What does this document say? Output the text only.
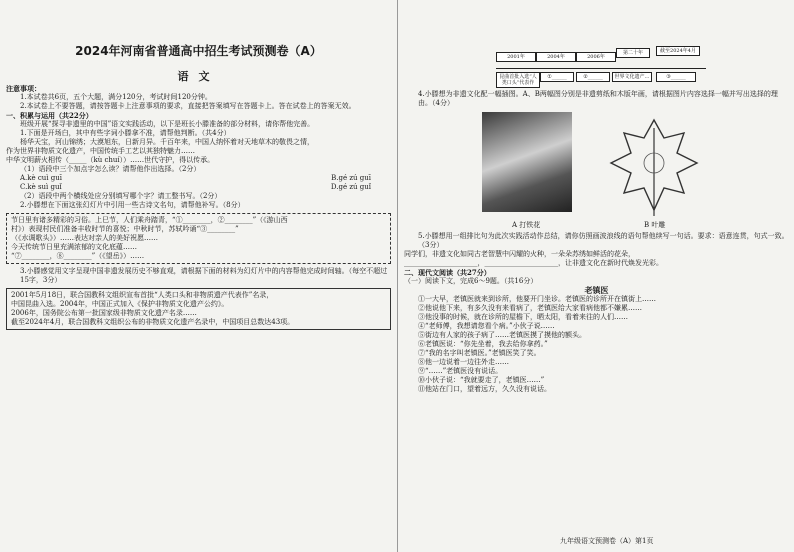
2024年河南省普通高中招生考试预测卷（A）
语文

注意事项：

1.本试卷共6页，五个大题，满分120分，考试时间120分钟。

2.本试卷上不要答题，请按答题卡上注意事项的要求，直接把答案填写在答题卡上。答在试卷上的答案无效。

一、积累与运用（共22分）

班级开展“探寻非遗里的中国”语文实践活动，以下是班长小滕准备的部分材料，请你帮他完善。

1.下面是开场白，其中有些字词小滕拿不准，请帮他判断。（共4分）

杨华天宝，河山锦绣；大漠旭东，日新月异。千百年来，中国人纳怀着对天地草木的敬畏之情，

作为世界非物质文化遗产，中国传统手工艺以其独特魅力……

中华文明薪火相传（_____（kù chuí））……世代守护，得以传承。

（1）语段中三个加点字怎么读？请帮他作出选择。（2分）

A.kè cuì guī	B.gé zú guī
C.kè suì guǐ	D.gé zú guǐ

（2）语段中两个横线处应分别填写哪个字？请工整书写。（2分）

2.小滕想在下面这张幻灯片中引用一些古诗文名句，请帮他补写。（8分）

节日里有诸多精彩的习俗。上巳节，人们乘舟踏青，“①________，②________”（《游山西

村》）表现村民们准备丰收时节的喜悦；中秋时节，苏轼吟诵“③________”

（《水调歌头》）……表达对亲人的美好祝愿……

今天传统节日里充满浓郁的文化底蕴……

“⑦________，⑧________”（《望岳》）……

3.小滕感觉用文字呈现中国非遗发展历史不够直观，请根据下面的材料为幻灯片中的内容帮他完成时间轴。（每空不超过15字，3分）

2001年5月18日，联合国教科文组织宣布首批“人类口头和非物质遗产代表作”名录，

中国昆曲入选。2004年，中国正式加入《保护非物质文化遗产公约》。

2006年，国务院公布第一批国家级非物质文化遗产名录……

截至2024年4月，联合国教科文组织公布的非物质文化遗产名录中，中国项目总数达43项。

2001年	2004年	2006年
第二十年	截至2024年4月
昆曲首批入选“人类口头”代表作
①______	②______	世界文化遗产…	③______

4.小滕想为非遗文化配一幅插图。A、B两幅图分别是非遗剪纸和木版年画，请根据图片内容选择一幅并写出选择的理由。（4分）

A 打铁花	B 叶雕

5.小滕想用一组排比句为此次实践活动作总结，请你仿照画波浪线的语句帮他续写一句话。要求：语意连贯，句式一致。（3分）

同学们，非遗文化如同古老智慧中闪耀的火种，一朵朵苏绣如鲜活的花朵，

_____________________，_____________________，让非遗文化在新时代焕发光彩。

二、现代文阅读（共27分）

（一）阅读下文，完成6～9题。（共16分）

老镇医

①一大早，老镇医就来到诊所，他要开门坐诊。老镇医的诊所开在镇街上……

②他说他下来，有多久没有来看病了，老镇医给大家看病他都不嫌累……

③他没事的时候，就在诊所的屋檐下，晒太阳，看着来往的人们……

④“老师傅，我想请您看个病。”小伙子说……

⑤街边有人家的孩子病了……老镇医摸了摸他的额头。

⑥老镇医说：“你先坐着，我去给你拿药。”

⑦“我的名字叫老镇医。”老镇医笑了笑。

⑧他一边说着一边往外走……

⑨“……”老镇医没有说话。

⑩小伙子说：“我就要走了，老镇医……”

⑪他站在门口，望着远方，久久没有说话。

九年级语文预测卷（A）第1页
